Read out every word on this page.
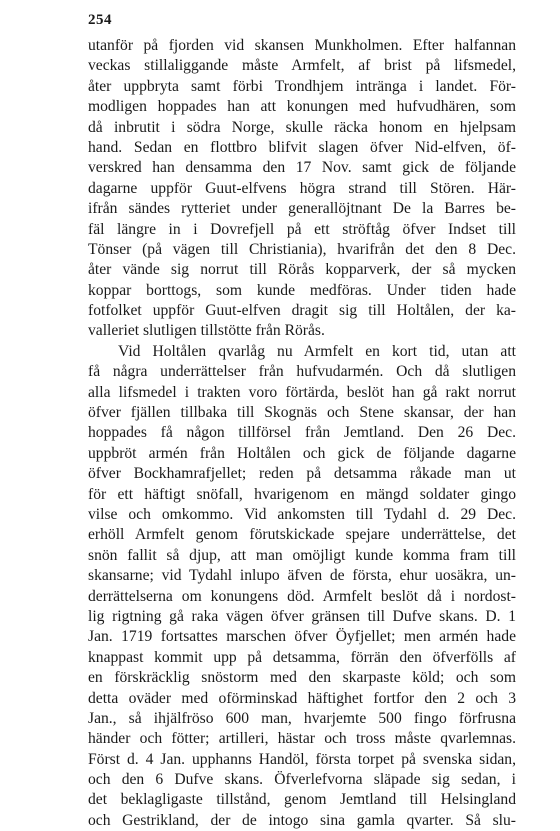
254
utanför på fjorden vid skansen Munkholmen. Efter halfannan
veckas stillaliggande måste Armfelt, af brist på lifsmedel,
åter uppbryta samt förbi Trondhjem inträngа i landet. För-
modligen hoppades han att konungen med hufvudhären, som
då inbrutit i södra Norge, skulle räcka honom en hjelpsam
hand. Sedan en flottbro blifvit slagen öfver Nid-elfven, öf-
verskred han densamma den 17 Nov. samt gick de följande
dagarne uppför Guut-elfvens högra strand till Stören. Här-
ifrån sändes rytteriet under generallöjtnant De la Barres be-
fäl längre in i Dovrefjell på ett ströftåg öfver Indset till
Tönser (på vägen till Christiania), hvarifrån det den 8 Dec.
åter vände sig norrut till Rörås kopparverk, der så mycken
koppar borttogs, som kunde medföras. Under tiden hade
fotfolket uppför Guut-elfven dragit sig till Holtålen, der ka-
valleriet slutligen tillstötte från Rörås.
Vid Holtålen qvarlåg nu Armfelt en kort tid, utan att
få några underrättelser från hufvudarmén. Och då slutligen
alla lifsmedel i trakten voro förtärda, beslöt han gå rakt norrut
öfver fjällen tillbaka till Skognäs och Stene skansar, der han
hoppades få någon tillförsel från Jemtland. Den 26 Dec.
uppbröt armén från Holtålen och gick de följande dagarne
öfver Bockhamrafjellet; reden på detsamma råkade man ut
för ett häftigt snöfall, hvarigenom en mängd soldater gingo
vilse och omkommo. Vid ankomsten till Tydahl d. 29 Dec.
erhöll Armfelt genom förutskickade spejare underrättelse, det
snön fallit så djup, att man omöjligt kunde komma fram till
skansarne; vid Tydahl inlupo äfven de första, ehur uosäkra, un-
derrättelserna om konungens död. Armfelt beslöt då i nordost-
lig rigtning gå raka vägen öfver gränsen till Dufve skans. D. 1
Jan. 1719 fortsattes marschen öfver Öyfjellet; men armén hade
knappast kommit upp på detsamma, förrän den öfverfölls af
en förskräcklig snöstorm med den skarpaste köld; och som
detta oväder med oförminskad häftighet fortfor den 2 och 3
Jan., så ihjälfröso 600 man, hvarjemte 500 fingo förfrusna
händer och fötter; artilleri, hästar och tross måste qvarlemnas.
Först d. 4 Jan. upphanns Handöl, första torpet på svenska sidan,
och den 6 Dufve skans. Öfverlefvorna släpade sig sedan, i
det beklagligaste tillstånd, genom Jemtland till Helsingland
och Gestrikland, der de intogo sina gamla qvarter. Så slu-
